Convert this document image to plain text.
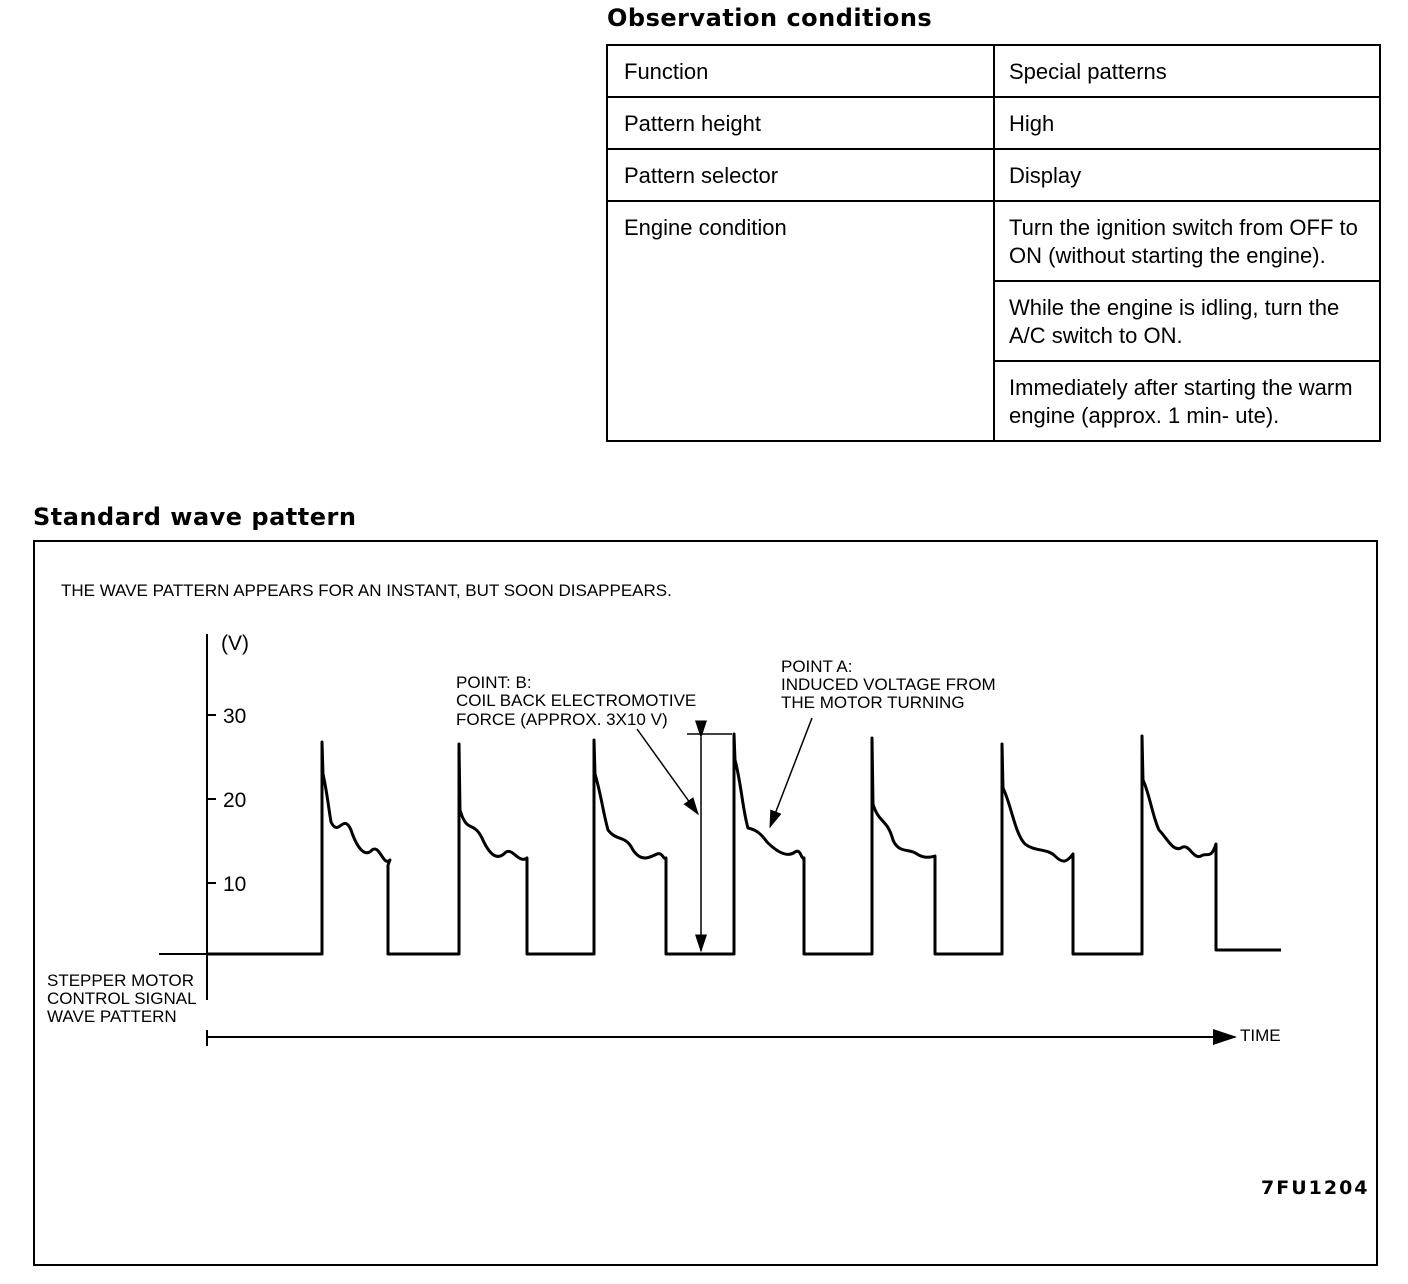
Observation conditions
Function	Special patterns
Pattern height	High
Pattern selector	Display
Engine condition	Turn the ignition switch from OFF to ON (without starting the engine).
	While the engine is idling, turn the A/C switch to ON.
	Immediately after starting the warm engine (approx. 1 min- ute).
Standard wave pattern
THE WAVE PATTERN APPEARS FOR AN INSTANT, BUT SOON DISAPPEARS.
(V)
30
20
10
POINT: B:
COIL BACK ELECTROMOTIVE
FORCE (APPROX. 3X10 V)
POINT A:
INDUCED VOLTAGE FROM
THE MOTOR TURNING
STEPPER MOTOR
CONTROL SIGNAL
WAVE PATTERN
TIME
7FU1204
